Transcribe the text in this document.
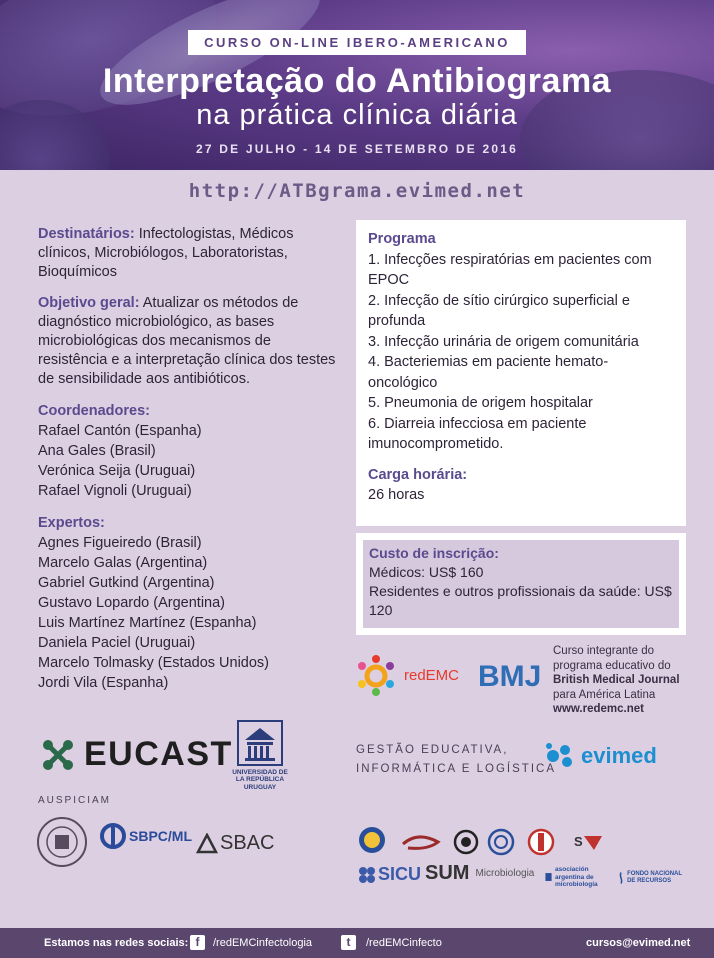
CURSO ON-LINE IBERO-AMERICANO
Interpretação do Antibiograma
na prática clínica diária
27 DE JULHO - 14 DE SETEMBRO DE 2016
http://ATBgrama.evimed.net
Destinatários: Infectologistas, Médicos clínicos, Microbiólogos, Laboratoristas, Bioquímicos
Objetivo geral: Atualizar os métodos de diagnóstico microbiológico, as bases microbiológicas dos mecanismos de resistência e a interpretação clínica dos testes de sensibilidade aos antibióticos.
Coordenadores:
Rafael Cantón (Espanha)
Ana Gales (Brasil)
Verónica Seija (Uruguai)
Rafael Vignoli (Uruguai)
Expertos:
Agnes Figueiredo (Brasil)
Marcelo Galas (Argentina)
Gabriel Gutkind (Argentina)
Gustavo Lopardo (Argentina)
Luis Martínez Martínez (Espanha)
Daniela Paciel (Uruguai)
Marcelo Tolmasky (Estados Unidos)
Jordi Vila (Espanha)
Programa
1. Infecções respiratórias em pacientes com EPOC
2. Infecção de sítio cirúrgico superficial e profunda
3. Infecção urinária de origem comunitária
4. Bacteriemias em paciente hemato-oncológico
5. Pneumonia de origem hospitalar
6. Diarreia infecciosa em paciente imunocomprometido.
Carga horária:
26 horas
Custo de inscrição:
Médicos: US$ 160
Residentes e outros profissionais da saúde: US$ 120
redEMC BMJ
Curso integrante do
programa educativo do
British Medical Journal
para América Latina
www.redemc.net
EUCAST UNIVERSIDAD DE LA REPÚBLICA URUGUAY
GESTÃO EDUCATIVA,
INFORMÁTICA E LOGÍSTICA
evimed
AUSPICIAM
SBPC/ML SBAC	S
SICU SUM Microbiologia	asociación argentina de microbiología
FONDO NACIONAL DE RECURSOS
Estamos nas redes sociais: f	/redEMCinfectologia	t	/redEMCinfecto	cursos@evimed.net
